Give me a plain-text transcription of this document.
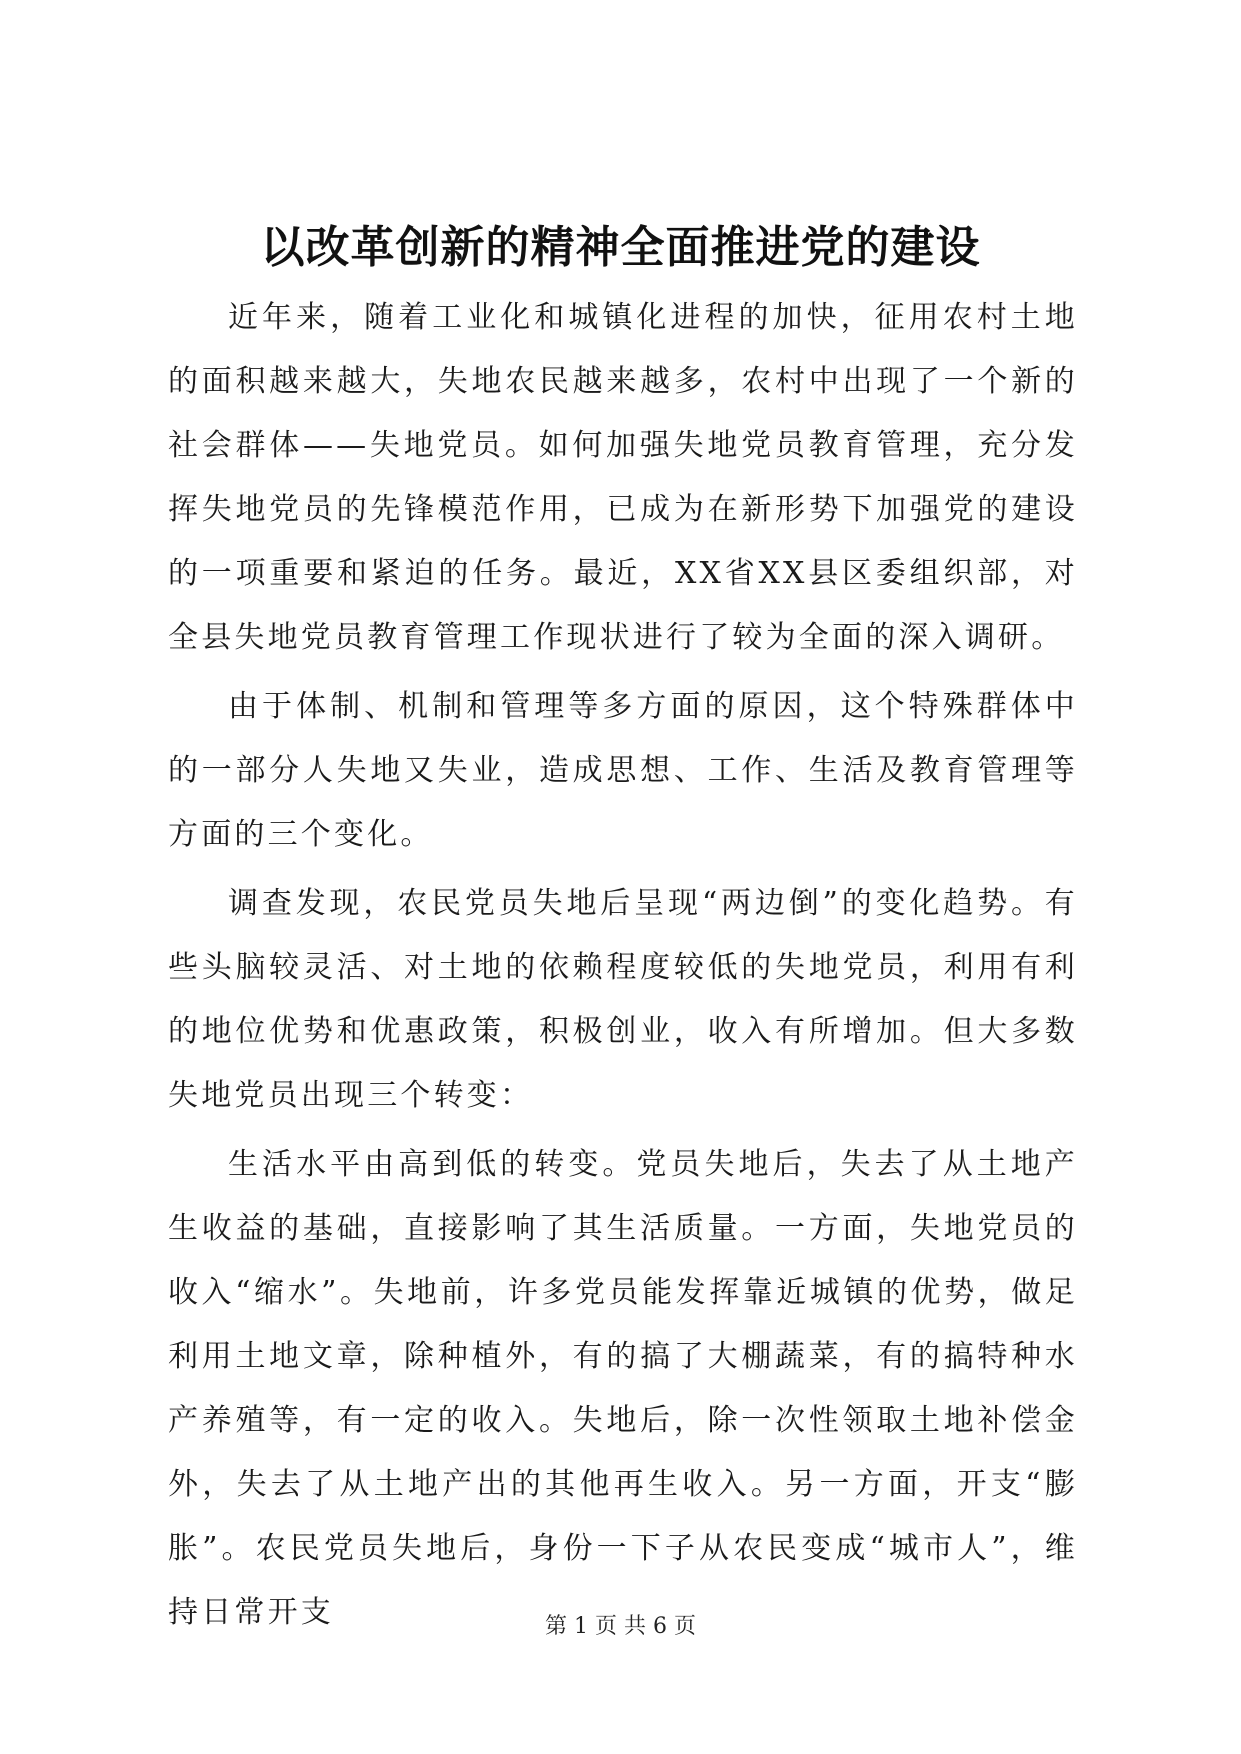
以改革创新的精神全面推进党的建设

近年来，随着工业化和城镇化进程的加快，征用农村土地的面积越来越大，失地农民越来越多，农村中出现了一个新的社会群体——失地党员。如何加强失地党员教育管理，充分发挥失地党员的先锋模范作用，已成为在新形势下加强党的建设的一项重要和紧迫的任务。最近，XX省XX县区委组织部，对全县失地党员教育管理工作现状进行了较为全面的深入调研。

由于体制、机制和管理等多方面的原因，这个特殊群体中的一部分人失地又失业，造成思想、工作、生活及教育管理等方面的三个变化。

调查发现，农民党员失地后呈现“两边倒”的变化趋势。有些头脑较灵活、对土地的依赖程度较低的失地党员，利用有利的地位优势和优惠政策，积极创业，收入有所增加。但大多数失地党员出现三个转变：

生活水平由高到低的转变。党员失地后，失去了从土地产生收益的基础，直接影响了其生活质量。一方面，失地党员的收入“缩水”。失地前，许多党员能发挥靠近城镇的优势，做足利用土地文章，除种植外，有的搞了大棚蔬菜，有的搞特种水产养殖等，有一定的收入。失地后，除一次性领取土地补偿金外，失去了从土地产出的其他再生收入。另一方面，开支“膨胀”。农民党员失地后，身份一下子从农民变成“城市人”，维持日常开支	第 1 页 共 6 页
